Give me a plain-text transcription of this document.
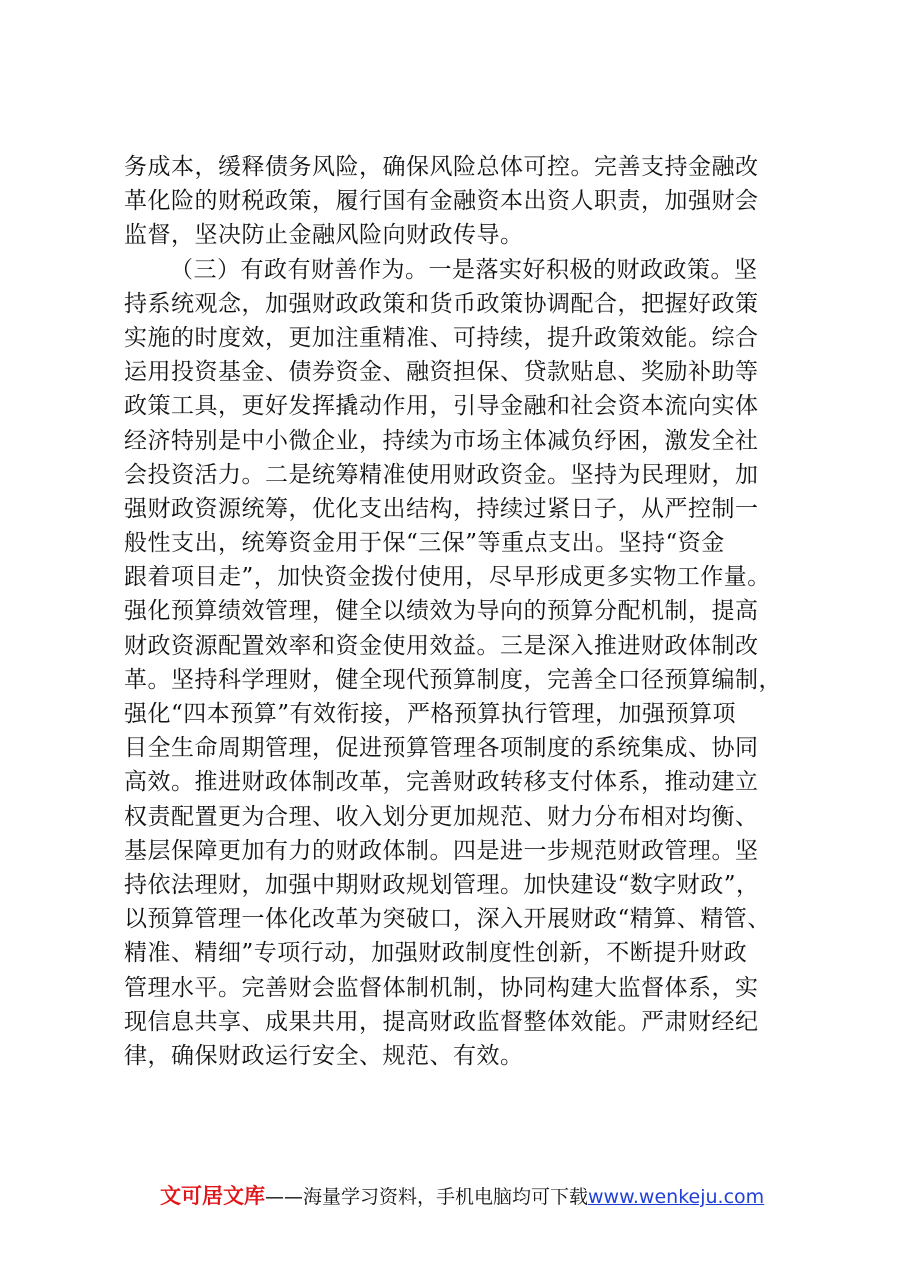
务成本，缓释债务风险，确保风险总体可控。完善支持金融改
革化险的财税政策，履行国有金融资本出资人职责，加强财会
监督，坚决防止金融风险向财政传导。
（三）有政有财善作为。一是落实好积极的财政政策。坚
持系统观念，加强财政政策和货币政策协调配合，把握好政策
实施的时度效，更加注重精准、可持续，提升政策效能。综合
运用投资基金、债券资金、融资担保、贷款贴息、奖励补助等
政策工具，更好发挥撬动作用，引导金融和社会资本流向实体
经济特别是中小微企业，持续为市场主体减负纾困，激发全社
会投资活力。二是统筹精准使用财政资金。坚持为民理财，加
强财政资源统筹，优化支出结构，持续过紧日子，从严控制一
般性支出，统筹资金用于保“三保”等重点支出。坚持“资金
跟着项目走”，加快资金拨付使用，尽早形成更多实物工作量。
强化预算绩效管理，健全以绩效为导向的预算分配机制，提高
财政资源配置效率和资金使用效益。三是深入推进财政体制改
革。坚持科学理财，健全现代预算制度，完善全口径预算编制，
强化“四本预算”有效衔接，严格预算执行管理，加强预算项
目全生命周期管理，促进预算管理各项制度的系统集成、协同
高效。推进财政体制改革，完善财政转移支付体系，推动建立
权责配置更为合理、收入划分更加规范、财力分布相对均衡、
基层保障更加有力的财政体制。四是进一步规范财政管理。坚
持依法理财，加强中期财政规划管理。加快建设“数字财政”，
以预算管理一体化改革为突破口，深入开展财政“精算、精管、
精准、精细”专项行动，加强财政制度性创新，不断提升财政
管理水平。完善财会监督体制机制，协同构建大监督体系，实
现信息共享、成果共用，提高财政监督整体效能。严肃财经纪
律，确保财政运行安全、规范、有效。
文可居文库——海量学习资料，手机电脑均可下载www.wenkeju.com
